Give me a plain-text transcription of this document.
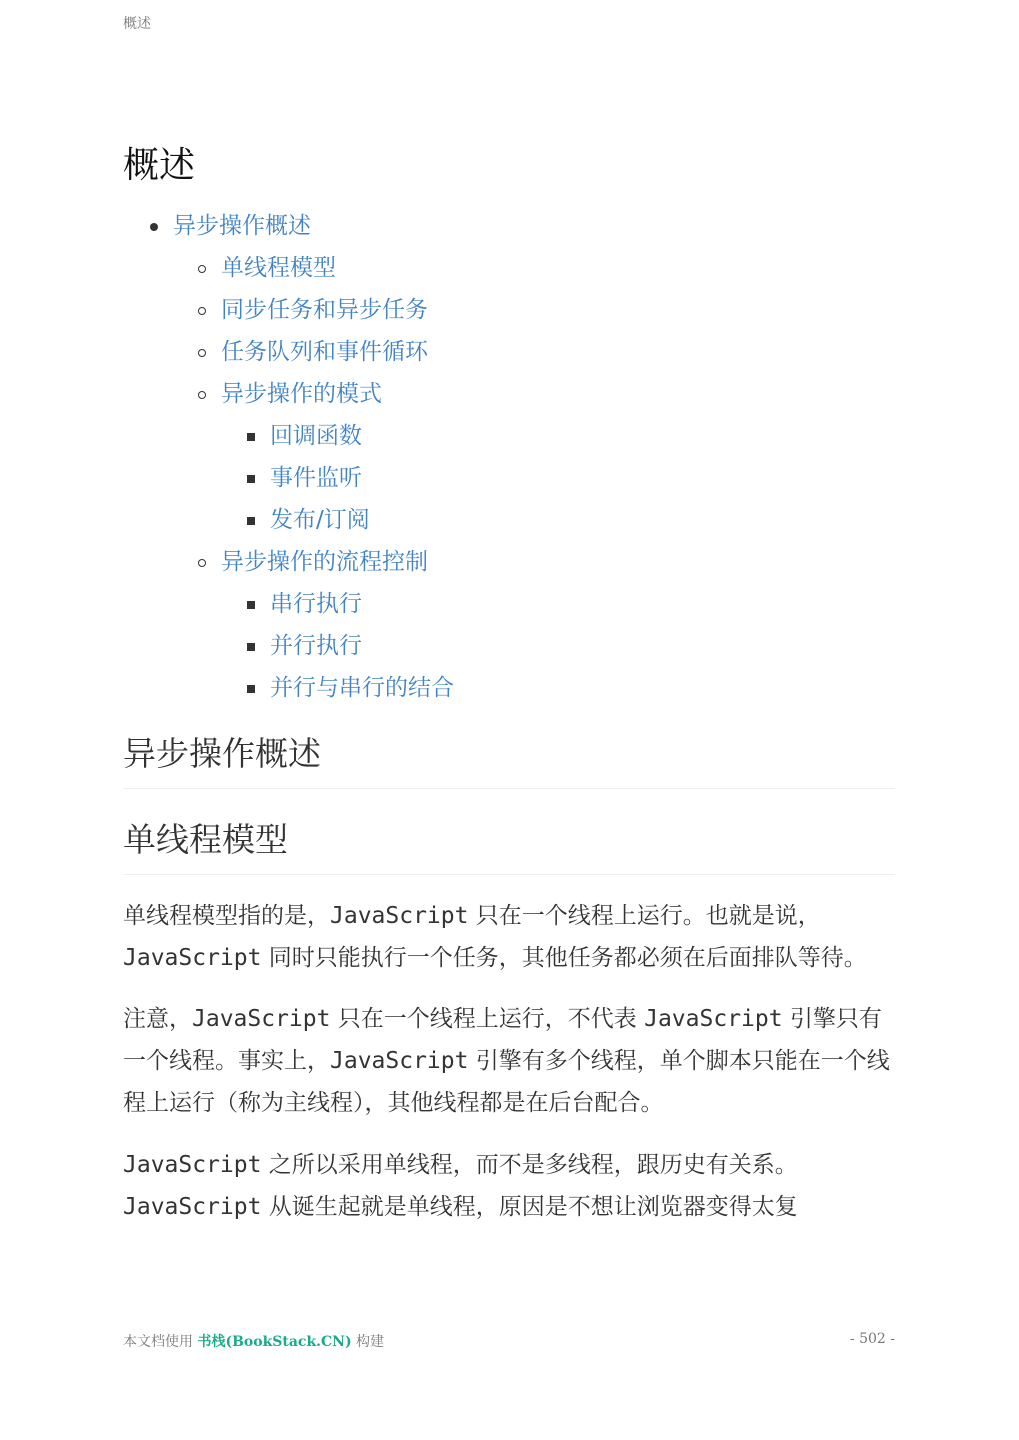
概述
概述
异步操作概述
单线程模型
同步任务和异步任务
任务队列和事件循环
异步操作的模式
回调函数
事件监听
发布/订阅
异步操作的流程控制
串行执行
并行执行
并行与串行的结合
异步操作概述
单线程模型

单线程模型指的是，JavaScript 只在一个线程上运行。也就是说，JavaScript 同时只能执行一个任务，其他任务都必须在后面排队等待。

注意，JavaScript 只在一个线程上运行，不代表 JavaScript 引擎只有一个线程。事实上，JavaScript 引擎有多个线程，单个脚本只能在一个线程上运行（称为主线程），其他线程都是在后台配合。

JavaScript 之所以采用单线程，而不是多线程，跟历史有关系。
JavaScript 从诞生起就是单线程，原因是不想让浏览器变得太复

本文档使用 书栈(BookStack.CN) 构建	- 502 -
